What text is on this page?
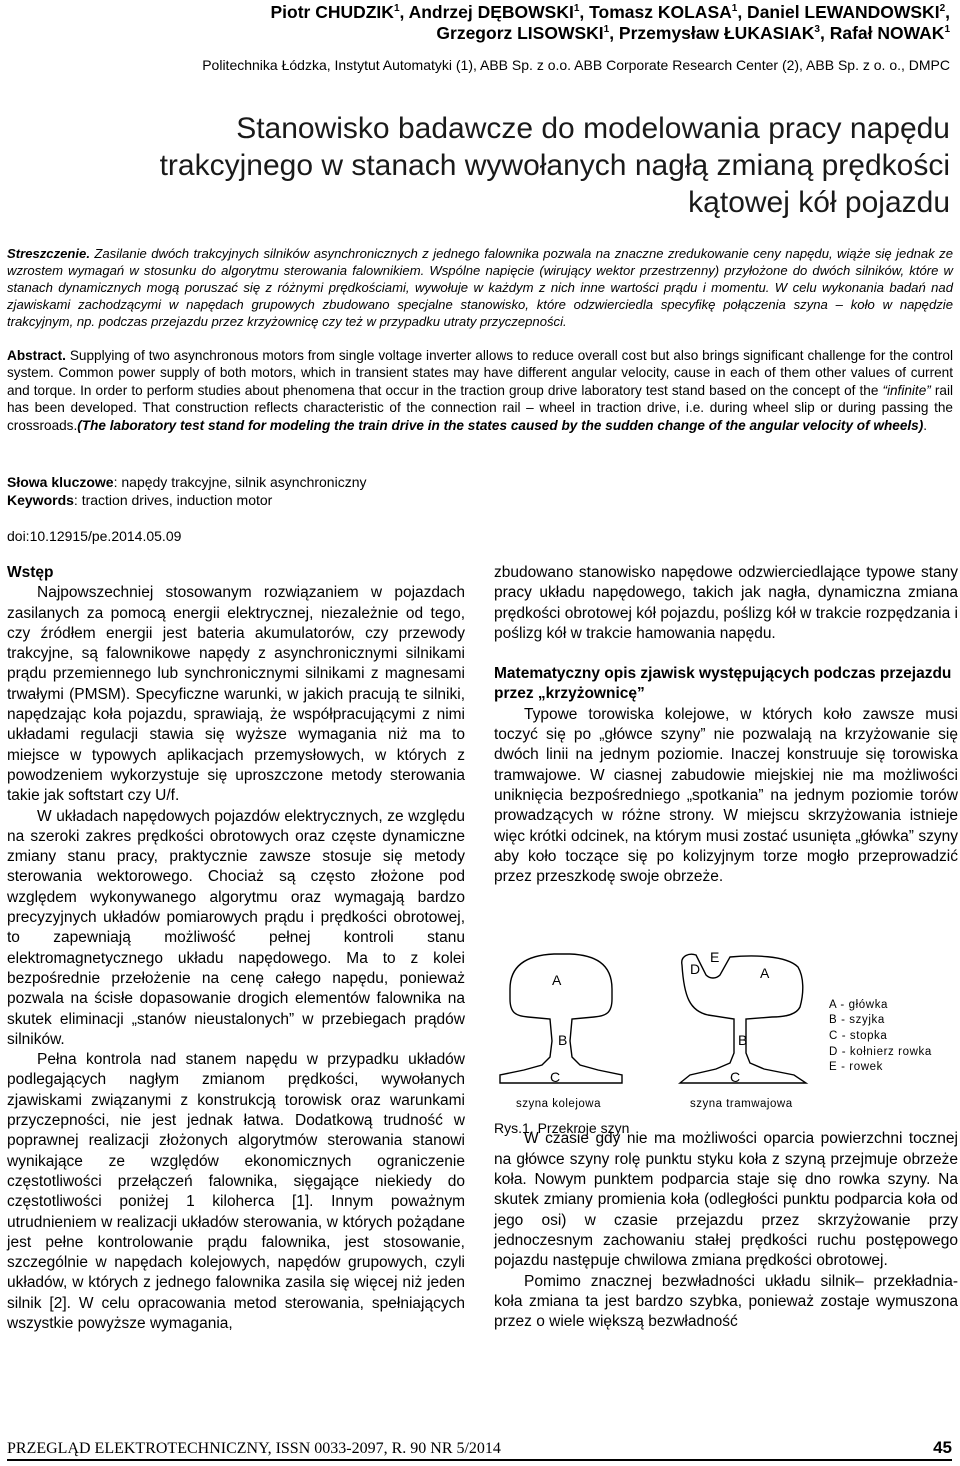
Piotr CHUDZIK$^1$, Andrzej DĘBOWSKI$^1$, Tomasz KOLASA$^1$, Daniel LEWANDOWSKI$^2$,
Grzegorz LISOWSKI$^1$, Przemysław ŁUKASIAK$^3$, Rafał NOWAK$^1$
Politechnika Łódzka, Instytut Automatyki (1), ABB Sp. z o.o. ABB Corporate Research Center (2), ABB Sp. z o. o., DMPC
Stanowisko badawcze do modelowania pracy napędu
trakcyjnego w stanach wywołanych nagłą zmianą prędkości
kątowej kół pojazdu
Streszczenie. Zasilanie dwóch trakcyjnych silników asynchronicznych z jednego falownika pozwala na znaczne zredukowanie ceny napędu, wiąże się jednak ze wzrostem wymagań w stosunku do algorytmu sterowania falownikiem. Wspólne napięcie (wirujący wektor przestrzenny) przyłożone do dwóch silników, które w stanach dynamicznych mogą poruszać się z różnymi prędkościami, wywołuje w każdym z nich inne wartości prądu i momentu. W celu wykonania badań nad zjawiskami zachodzącymi w napędach grupowych zbudowano specjalne stanowisko, które odzwierciedla specyfikę połączenia szyna – koło w napędzie trakcyjnym, np. podczas przejazdu przez krzyżownicę czy też w przypadku utraty przyczepności.
Abstract. Supplying of two asynchronous motors from single voltage inverter allows to reduce overall cost but also brings significant challenge for the control system. Common power supply of both motors, which in transient states may have different angular velocity, cause in each of them other values of current and torque. In order to perform studies about phenomena that occur in the traction group drive laboratory test stand based on the concept of the “infinite” rail has been developed. That construction reflects characteristic of the connection rail – wheel in traction drive, i.e. during wheel slip or during passing the crossroads.(The laboratory test stand for modeling the train drive in the states caused by the sudden change of the angular velocity of wheels).
Słowa kluczowe: napędy trakcyjne, silnik asynchroniczny
Keywords: traction drives, induction motor
doi:10.12915/pe.2014.05.09

Wstęp

Najpowszechniej stosowanym rozwiązaniem w pojazdach zasilanych za pomocą energii elektrycznej, niezależnie od tego, czy źródłem energii jest bateria akumulatorów, czy przewody trakcyjne, są falownikowe napędy z asynchronicznymi silnikami prądu przemiennego lub synchronicznymi silnikami z magnesami trwałymi (PMSM). Specyficzne warunki, w jakich pracują te silniki, napędzając koła pojazdu, sprawiają, że współpracującymi z nimi układami regulacji stawia się wyższe wymagania niż ma to miejsce w typowych aplikacjach przemysłowych, w których z powodzeniem wykorzystuje się uproszczone metody sterowania takie jak softstart czy U/f.

W układach napędowych pojazdów elektrycznych, ze względu na szeroki zakres prędkości obrotowych oraz częste dynamiczne zmiany stanu pracy, praktycznie zawsze stosuje się metody sterowania wektorowego. Chociaż są często złożone pod względem wykonywanego algorytmu oraz wymagają bardzo precyzyjnych układów pomiarowych prądu i prędkości obrotowej, to zapewniają możliwość pełnej kontroli stanu elektromagnetycznego układu napędowego. Ma to z kolei bezpośrednie przełożenie na cenę całego napędu, ponieważ pozwala na ścisłe dopasowanie drogich elementów falownika na skutek eliminacji „stanów nieustalonych” w przebiegach prądów silników.

Pełna kontrola nad stanem napędu w przypadku układów podlegających nagłym zmianom prędkości, wywołanych zjawiskami związanymi z konstrukcją torowisk oraz warunkami przyczepności, nie jest jednak łatwa. Dodatkową trudność w poprawnej realizacji złożonych algorytmów sterowania stanowi wynikające ze względów ekonomicznych ograniczenie częstotliwości przełączeń falownika, sięgające niekiedy do częstotliwości poniżej 1 kiloherca [1]. Innym poważnym utrudnieniem w realizacji układów sterowania, w których pożądane jest pełne kontrolowanie prądu falownika, jest stosowanie, szczególnie w napędach kolejowych, napędów grupowych, czyli układów, w których z jednego falownika zasila się więcej niż jeden silnik [2]. W celu opracowania metod sterowania, spełniających wszystkie powyższe wymagania,

zbudowano stanowisko napędowe odzwierciedlające typowe stany pracy układu napędowego, takich jak nagła, dynamiczna zmiana prędkości obrotowej kół pojazdu, poślizg kół w trakcie rozpędzania i poślizg kół w trakcie hamowania napędu.

Matematyczny opis zjawisk występujących podczas przejazdu przez „krzyżownicę”

Typowe torowiska kolejowe, w których koło zawsze musi toczyć się po „główce szyny” nie pozwalają na krzyżowanie się dwóch linii na jednym poziomie. Inaczej konstruuje się torowiska tramwajowe. W ciasnej zabudowie miejskiej nie ma możliwości uniknięcia bezpośredniego „spotkania” na jednym poziomie torów prowadzących w różne strony. W miejscu skrzyżowania istnieje więc krótki odcinek, na którym musi zostać usunięta „główka” szyny aby koło toczące się po kolizyjnym torze mogło przeprowadzić przez przeszkodę swoje obrzeże.

W czasie gdy nie ma możliwości oparcia powierzchni tocznej na główce szyny rolę punktu styku koła z szyną przejmuje obrzeże koła. Nowym punktem podparcia staje się dno rowka szyny. Na skutek zmiany promienia koła (odległości punktu podparcia koła od jego osi) w czasie przejazdu przez skrzyżowanie przy jednoczesnym zachowaniu stałej prędkości ruchu postępowego pojazdu następuje chwilowa zmiana prędkości obrotowej.

Pomimo znacznej bezwładności układu silnik– przekładnia-koła zmiana ta jest bardzo szybka, ponieważ zostaje wymuszona przez o wiele większą bezwładność

A
B
C
szyna kolejowa
D
E
A
B
C
szyna tramwajowa
A - główka
B - szyjka
C - stopka
D - kołnierz rowka
E - rowek
Rys.1. Przekroje szyn
PRZEGLĄD ELEKTROTECHNICZNY, ISSN 0033-2097, R. 90 NR 5/2014	45
